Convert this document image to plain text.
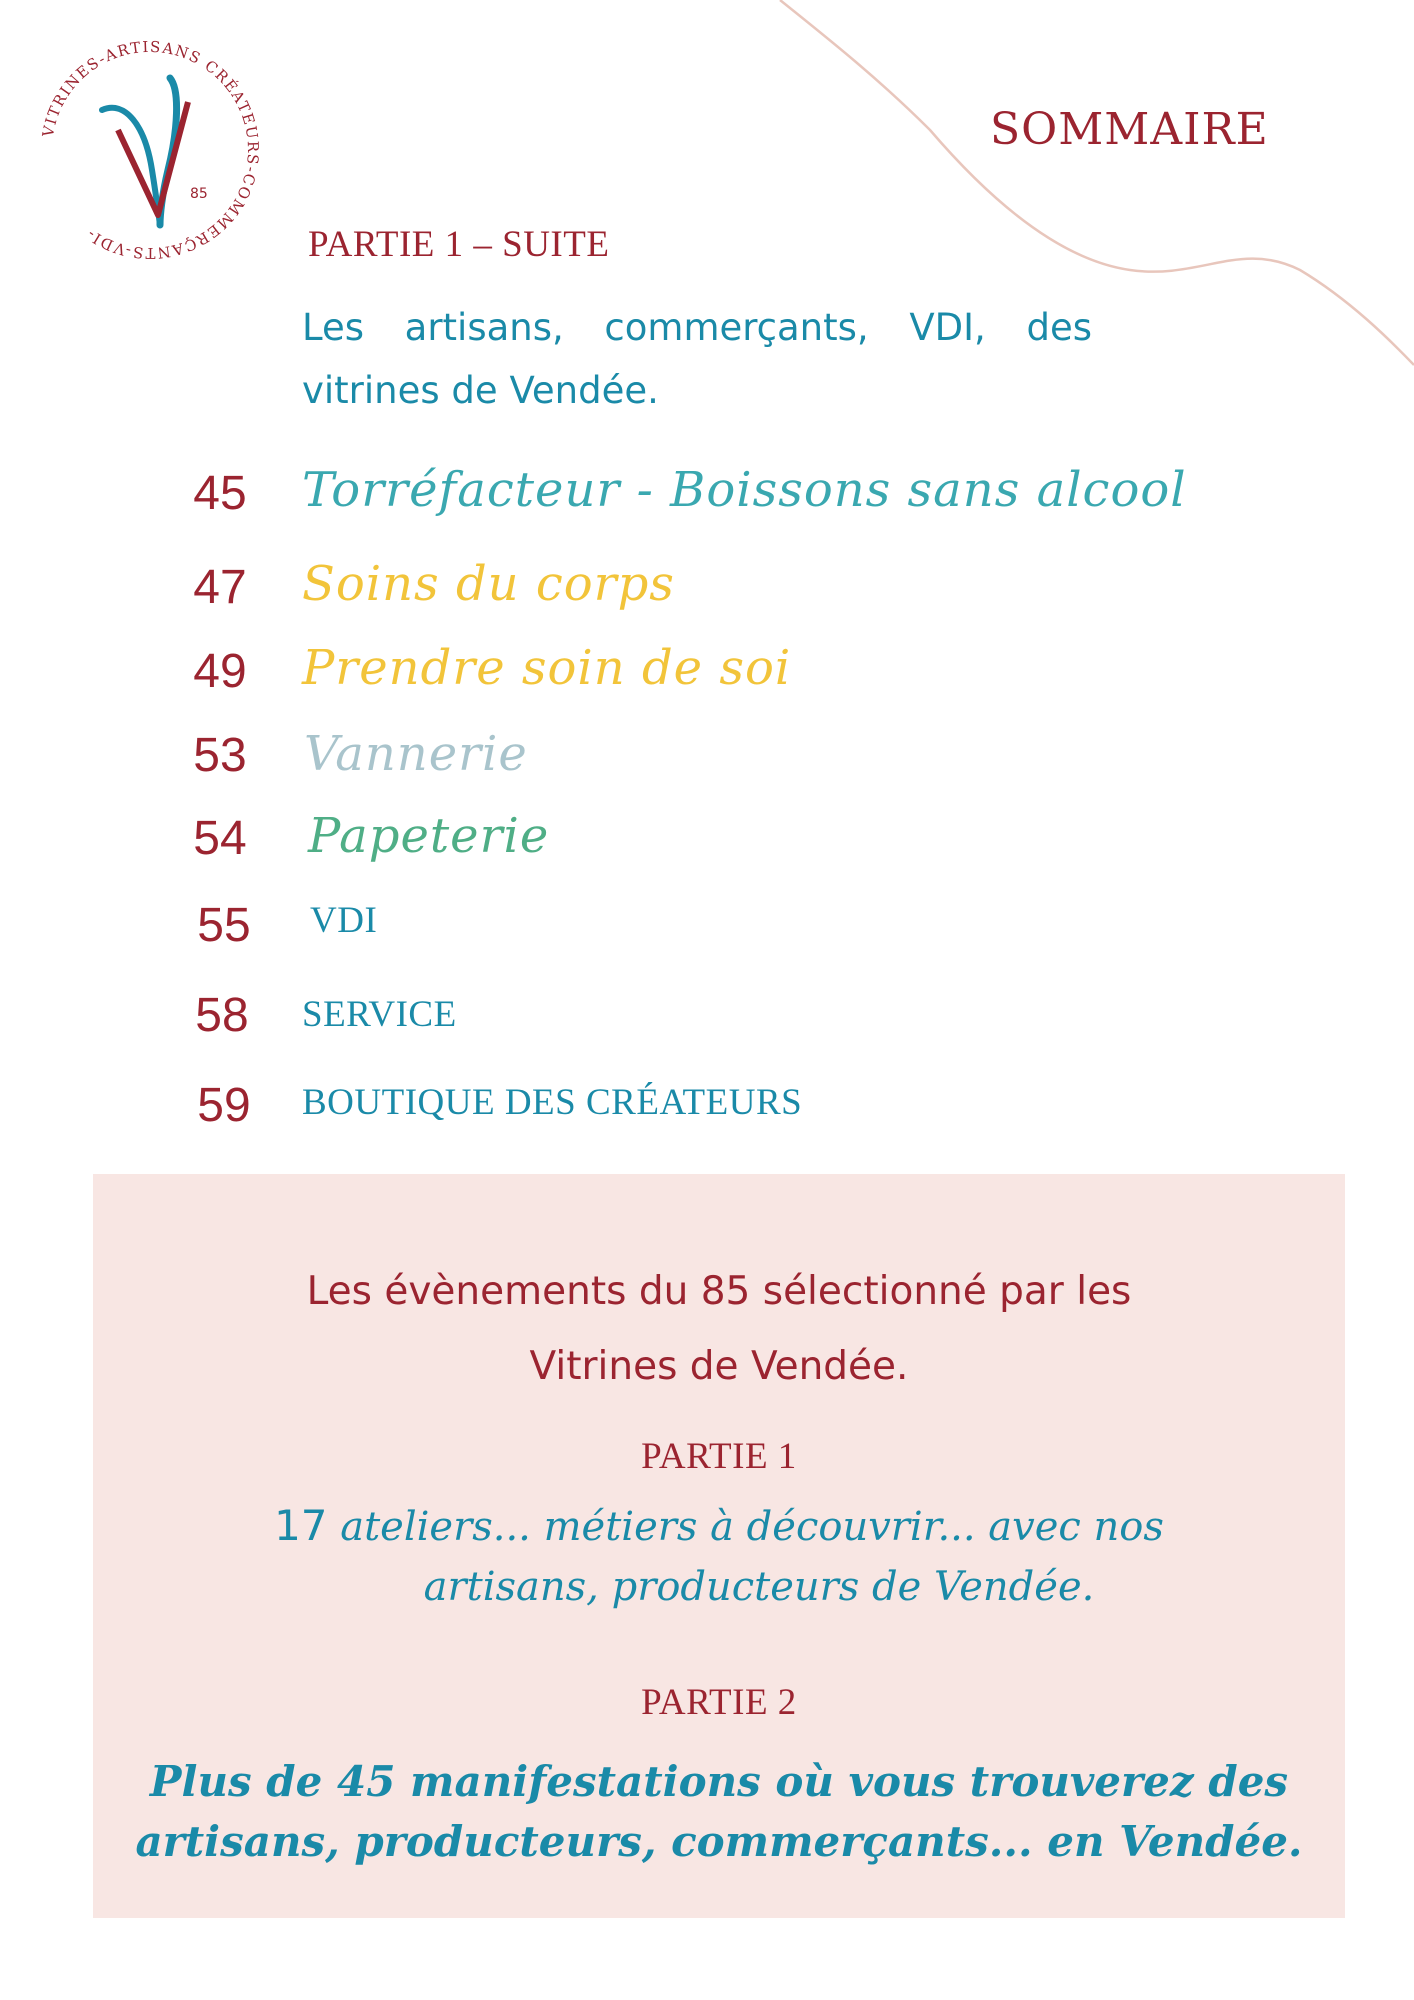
VITRINES-ARTISANS CRÉATEURS-COMMERÇANTS-VDI-
85
SOMMAIRE
PARTIE 1 – SUITE
Les artisans, commerçants, VDI, des vitrines de Vendée.
45	Torréfacteur - Boissons sans alcool
47	Soins du corps
49	Prendre soin de soi
53	Vannerie
54	Papeterie
55	VDI
58	SERVICE
59	BOUTIQUE DES CRÉATEURS
Les évènements du 85 sélectionné par les
Vitrines de Vendée.
PARTIE 1
17 ateliers... métiers à découvrir... avec nos
artisans, producteurs de Vendée.
PARTIE 2
Plus de 45 manifestations où vous trouverez des
artisans, producteurs, commerçants... en Vendée.
